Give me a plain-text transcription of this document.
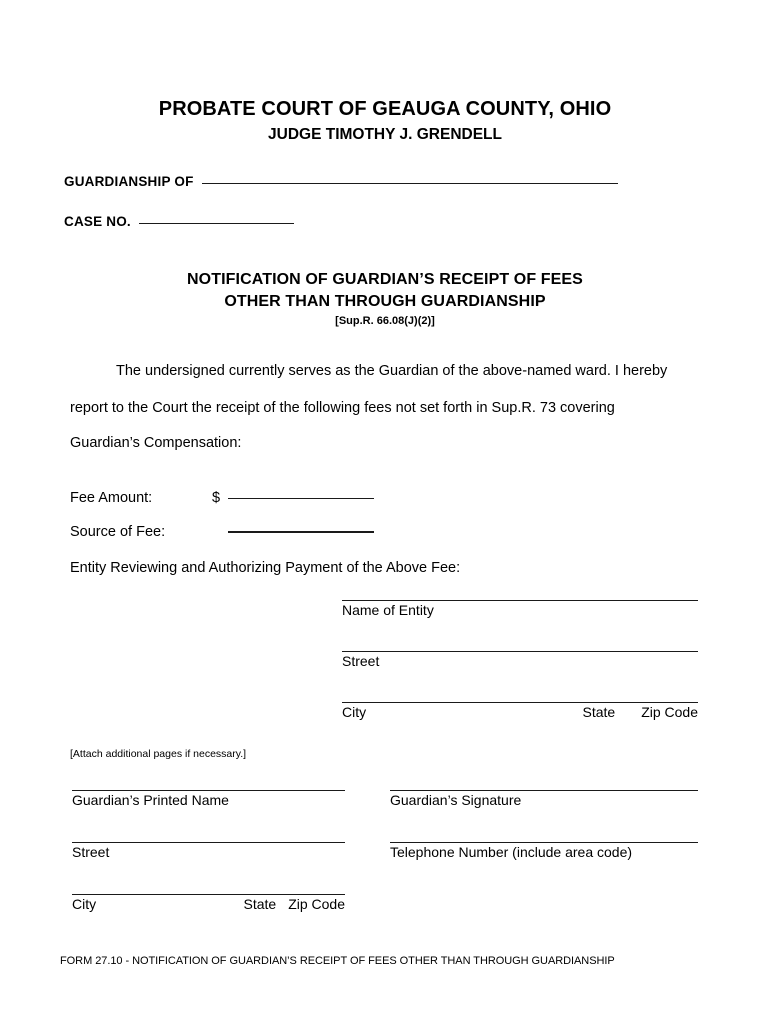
PROBATE COURT OF GEAUGA COUNTY, OHIO
JUDGE TIMOTHY J. GRENDELL
GUARDIANSHIP OF
CASE NO.
NOTIFICATION OF GUARDIAN’S RECEIPT OF FEES
OTHER THAN THROUGH GUARDIANSHIP
[Sup.R. 66.08(J)(2)]
The undersigned currently serves as the Guardian of the above-named ward. I hereby
report to the Court the receipt of the following fees not set forth in Sup.R. 73 covering
Guardian’s Compensation:
Fee Amount:	$
Source of Fee:
Entity Reviewing and Authorizing Payment of the Above Fee:
Name of Entity
Street
City	State Zip Code
[Attach additional pages if necessary.]
Guardian’s Printed Name
Street
City	State Zip Code
Guardian’s Signature
Telephone Number (include area code)
FORM 27.10 - NOTIFICATION OF GUARDIAN’S RECEIPT OF FEES OTHER THAN THROUGH GUARDIANSHIP
